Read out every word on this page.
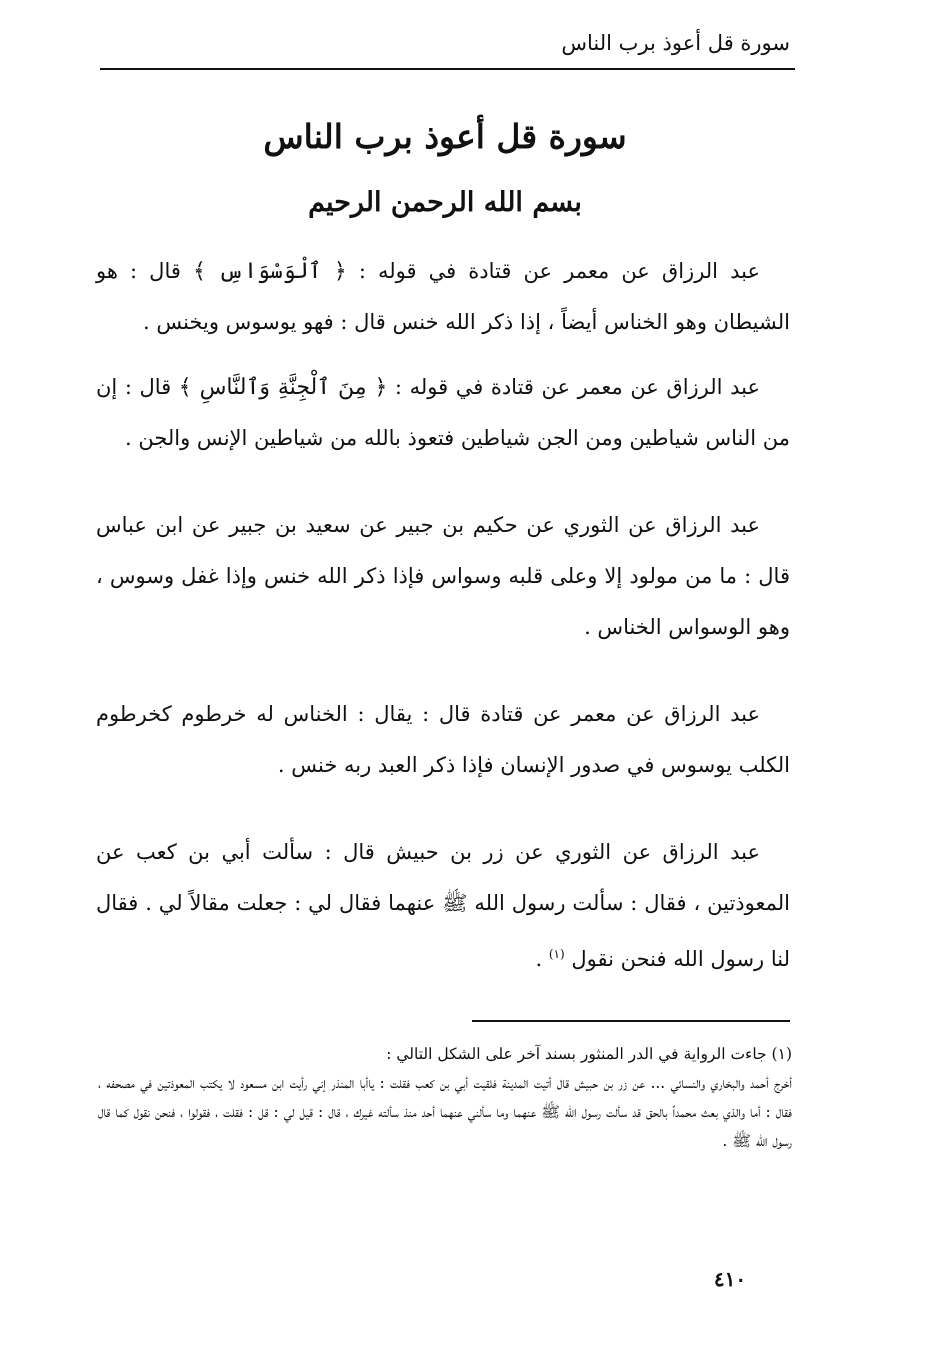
سورة قل أعوذ برب الناس
سورة قل أعوذ برب الناس
بسم الله الرحمن الرحيم

عبد الرزاق عن معمر عن قتادة في قوله : ﴿ ٱلْوَسْوَاسِ ﴾ قال : هو الشيطان وهو الخناس أيضاً ، إذا ذكر الله خنس قال : فهو يوسوس ويخنس .

عبد الرزاق عن معمر عن قتادة في قوله : ﴿ مِنَ ٱلْجِنَّةِ وَٱلنَّاسِ ﴾ قال : إن من الناس شياطين ومن الجن شياطين فتعوذ بالله من شياطين الإنس والجن .

عبد الرزاق عن الثوري عن حكيم بن جبير عن سعيد بن جبير عن ابن عباس قال : ما من مولود إلا وعلى قلبه وسواس فإذا ذكر الله خنس وإذا غفل وسوس ، وهو الوسواس الخناس .

عبد الرزاق عن معمر عن قتادة قال : يقال : الخناس له خرطوم كخرطوم الكلب يوسوس في صدور الإنسان فإذا ذكر العبد ربه خنس .

عبد الرزاق عن الثوري عن زر بن حبيش قال : سألت أبي بن كعب عن المعوذتين ، فقال : سألت رسول الله ﷺ عنهما فقال لي : جعلت مقالاً لي . فقال لنا رسول الله فنحن نقول $^{(١)}$ .

(١) جاءت الرواية في الدر المنثور بسند آخر على الشكل التالي :

أخرج أحمد والبخاري والنسائي ... عن زر بن حبيش قال أتيت المدينة فلقيت أبي بن كعب فقلت : ياأبا المنذر إني رأيت ابن مسعود لا يكتب المعوذتين في مصحفه ، فقال : أما والذي بعث محمداً بالحق قد سألت رسول الله ﷺ عنهما وما سألني عنهما أحد منذ سألته غيرك ، قال : قيل لي : قل : فقلت ، فقولوا ، فنحن نقول كما قال رسول الله ﷺ .

٤١٠
